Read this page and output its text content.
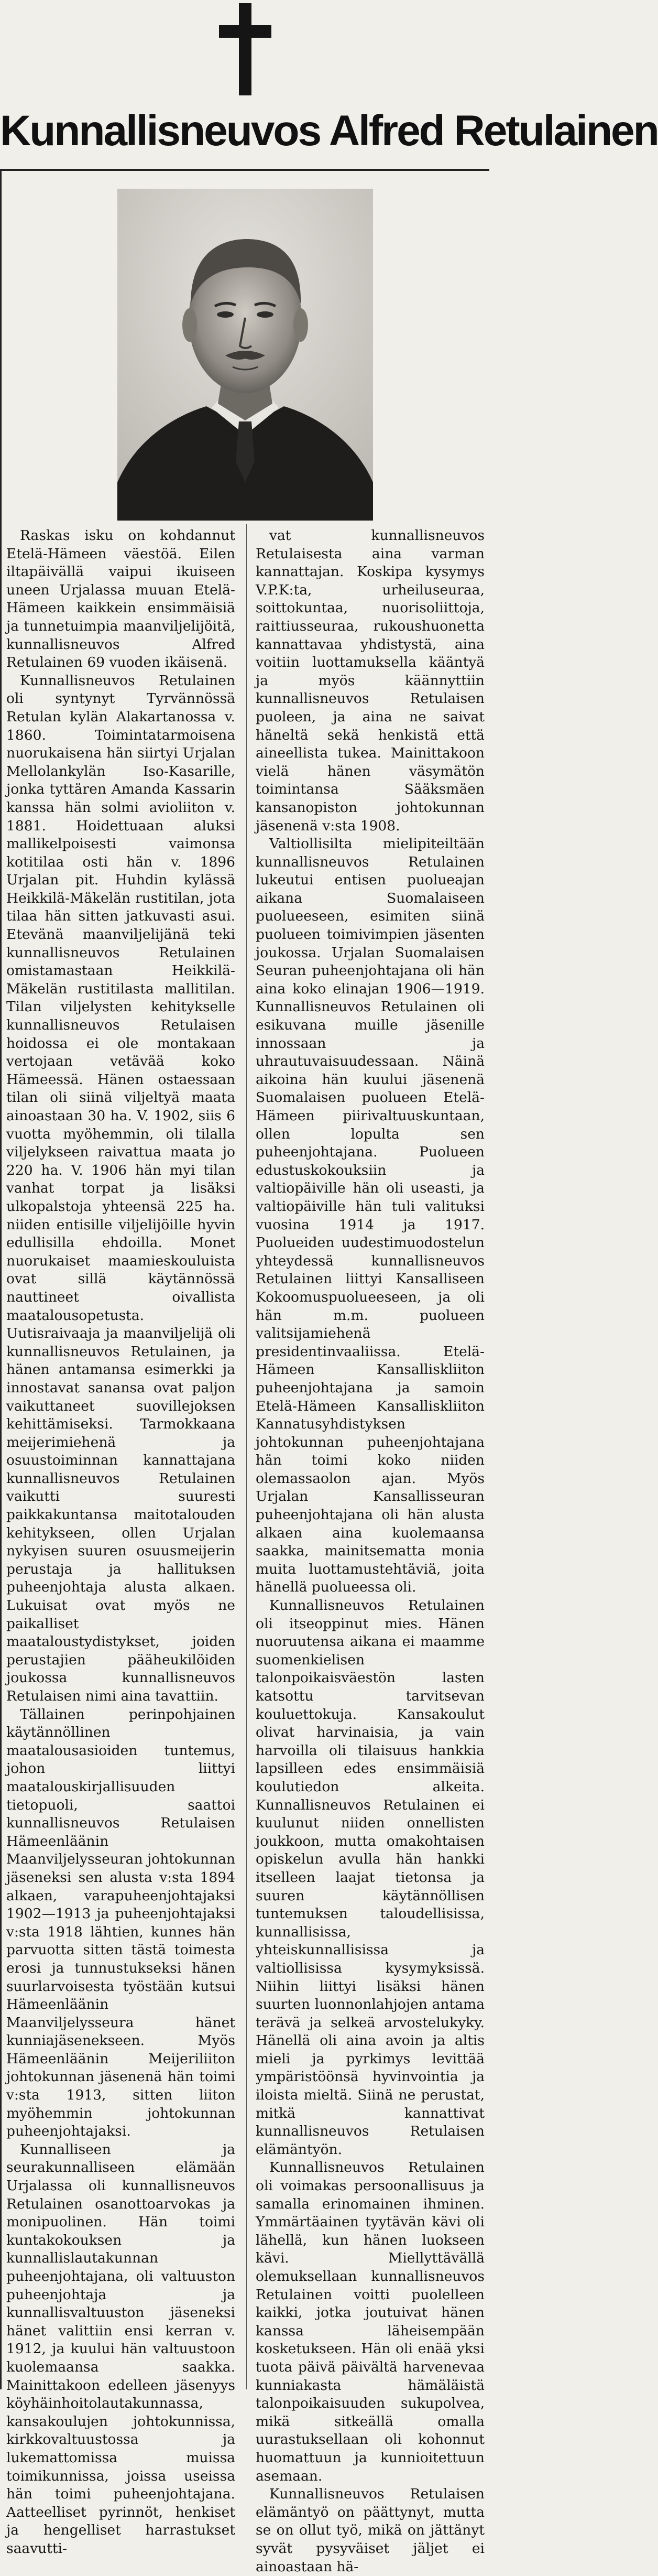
Kunnallisneuvos Alfred Retulainen

Raskas isku on kohdannut Etelä-Hämeen väestöä. Eilen iltapäivällä vaipui ikuiseen uneen Urjalassa muuan Etelä-Hämeen kaikkein ensimmäisiä ja tunnetuimpia maanviljelijöitä, kunnallisneuvos Alfred Retulainen 69 vuoden ikäisenä.

Kunnallisneuvos Retulainen oli syntynyt Tyrvännössä Retulan kylän Alakartanossa v. 1860. Toimintatarmoisena nuorukaisena hän siirtyi Urjalan Mellolankylän Iso-Kasarille, jonka tyttären Amanda Kassarin kanssa hän solmi avioliiton v. 1881. Hoidettuaan aluksi mallikelpoisesti vaimonsa kotitilaa osti hän v. 1896 Urjalan pit. Huhdin kylässä Heikkilä-Mäkelän rustitilan, jota tilaa hän sitten jatkuvasti asui. Etevänä maanviljelijänä teki kunnallisneuvos Retulainen omistamastaan Heikkilä-Mäkelän rustitilasta mallitilan. Tilan viljelysten kehitykselle kunnallisneuvos Retulaisen hoidossa ei ole montakaan vertojaan vetävää koko Hämeessä. Hänen ostaessaan tilan oli siinä viljeltyä maata ainoastaan 30 ha. V. 1902, siis 6 vuotta myöhemmin, oli tilalla viljelykseen raivattua maata jo 220 ha. V. 1906 hän myi tilan vanhat torpat ja lisäksi ulkopalstoja yhteensä 225 ha. niiden entisille viljelijöille hyvin edullisilla ehdoilla. Monet nuorukaiset maamieskouluista ovat sillä käytännössä nauttineet oivallista maatalousopetusta. Uutisraivaaja ja maanviljelijä oli kunnallisneuvos Retulainen, ja hänen antamansa esimerkki ja innostavat sanansa ovat paljon vaikuttaneet suovillejoksen kehittämiseksi. Tarmokkaana meijerimiehenä ja osuustoiminnan kannattajana kunnallisneuvos Retulainen vaikutti suuresti paikkakuntansa maitotalouden kehitykseen, ollen Urjalan nykyisen suuren osuusmeijerin perustaja ja hallituksen puheenjohtaja alusta alkaen. Lukuisat ovat myös ne paikalliset maataloustydistykset, joiden perustajien pääheukilöiden joukossa kunnallisneuvos Retulaisen nimi aina tavattiin.

Tällainen perinpohjainen käytännöllinen maatalousasioiden tuntemus, johon liittyi maatalouskirjallisuuden tietopuoli, saattoi kunnallisneuvos Retulaisen Hämeenläänin Maanviljelysseuran johtokunnan jäseneksi sen alusta v:sta 1894 alkaen, varapuheenjohtajaksi 1902—1913 ja puheenjohtajaksi v:sta 1918 lähtien, kunnes hän parvuotta sitten tästä toimesta erosi ja tunnustukseksi hänen suurlarvoisesta työstään kutsui Hämeenläänin Maanviljelysseura hänet kunniajäsenekseen. Myös Hämeenläänin Meijeriliiton johtokunnan jäsenenä hän toimi v:sta 1913, sitten liiton myöhemmin johtokunnan puheenjohtajaksi.

Kunnalliseen ja seurakunnalliseen elämään Urjalassa oli kunnallisneuvos Retulainen osanottoarvokas ja monipuolinen. Hän toimi kuntakokouksen ja kunnallislautakunnan puheenjohtajana, oli valtuuston puheenjohtaja ja kunnallisvaltuuston jäseneksi hänet valittiin ensi kerran v. 1912, ja kuului hän valtuustoon kuolemaansa saakka. Mainittakoon edelleen jäsenyys köyhäinhoitolautakunnassa, kansakoulujen johtokunnissa, kirkkovaltuustossa ja lukemattomissa muissa toimikunnissa, joissa useissa hän toimi puheenjohtajana. Aatteelliset pyrinnöt, henkiset ja hengelliset harrastukset saavutti-

vat kunnallisneuvos Retulaisesta aina varman kannattajan. Koskipa kysymys V.P.K:ta, urheiluseuraa, soittokuntaa, nuorisoliittoja, raittiusseuraa, rukoushuonetta kannattavaa yhdistystä, aina voitiin luottamuksella kääntyä ja myös käännyttiin kunnallisneuvos Retulaisen puoleen, ja aina ne saivat häneltä sekä henkistä että aineellista tukea. Mainittakoon vielä hänen väsymätön toimintansa Sääksmäen kansanopiston johtokunnan jäsenenä v:sta 1908.

Valtiollisilta mielipiteiltään kunnallisneuvos Retulainen lukeutui entisen puolueajan aikana Suomalaiseen puolueeseen, esimiten siinä puolueen toimivimpien jäsenten joukossa. Urjalan Suomalaisen Seuran puheenjohtajana oli hän aina koko elinajan 1906—1919. Kunnallisneuvos Retulainen oli esikuvana muille jäsenille innossaan ja uhrautuvaisuudessaan. Näinä aikoina hän kuului jäsenenä Suomalaisen puolueen Etelä-Hämeen piirivaltuuskuntaan, ollen lopulta sen puheenjohtajana. Puolueen edustuskokouksiin ja valtiopäiville hän oli useasti, ja valtiopäiville hän tuli valituksi vuosina 1914 ja 1917. Puolueiden uudestimuodostelun yhteydessä kunnallisneuvos Retulainen liittyi Kansalliseen Kokoomuspuolueeseen, ja oli hän m.m. puolueen valitsijamiehenä presidentinvaaliissa. Etelä-Hämeen Kansalliskliiton puheenjohtajana ja samoin Etelä-Hämeen Kansalliskliiton Kannatusyhdistyksen johtokunnan puheenjohtajana hän toimi koko niiden olemassaolon ajan. Myös Urjalan Kansallisseuran puheenjohtajana oli hän alusta alkaen aina kuolemaansa saakka, mainitsematta monia muita luottamustehtäviä, joita hänellä puolueessa oli.

Kunnallisneuvos Retulainen oli itseoppinut mies. Hänen nuoruutensa aikana ei maamme suomenkielisen talonpoikaisväestön lasten katsottu tarvitsevan kouluettokuja. Kansakoulut olivat harvinaisia, ja vain harvoilla oli tilaisuus hankkia lapsilleen edes ensimmäisiä koulutiedon alkeita. Kunnallisneuvos Retulainen ei kuulunut niiden onnellisten joukkoon, mutta omakohtaisen opiskelun avulla hän hankki itselleen laajat tietonsa ja suuren käytännöllisen tuntemuksen taloudellisissa, kunnallisissa, yhteiskunnallisissa ja valtiollisissa kysymyksissä. Niihin liittyi lisäksi hänen suurten luonnonlahjojen antama terävä ja selkeä arvostelukyky. Hänellä oli aina avoin ja altis mieli ja pyrkimys levittää ympäristöönsä hyvinvointia ja iloista mieltä. Siinä ne perustat, mitkä kannattivat kunnallisneuvos Retulaisen elämäntyön.

Kunnallisneuvos Retulainen oli voimakas persoonallisuus ja samalla erinomainen ihminen. Ymmärtäainen tyytävän kävi oli lähellä, kun hänen luokseen kävi. Miellyttävällä olemuksellaan kunnallisneuvos Retulainen voitti puolelleen kaikki, jotka joutuivat hänen kanssa läheisempään kosketukseen. Hän oli enää yksi tuota päivä päivältä harvenevaa kunniakasta hämäläistä talonpoikaisuuden sukupolvea, mikä sitkeällä omalla uurastuksellaan oli kohonnut huomattuun ja kunnioitettuun asemaan.

Kunnallisneuvos Retulaisen elämäntyö on päättynyt, mutta se on ollut työ, mikä on jättänyt syvät pysyväiset jäljet ei ainoastaan hä-
